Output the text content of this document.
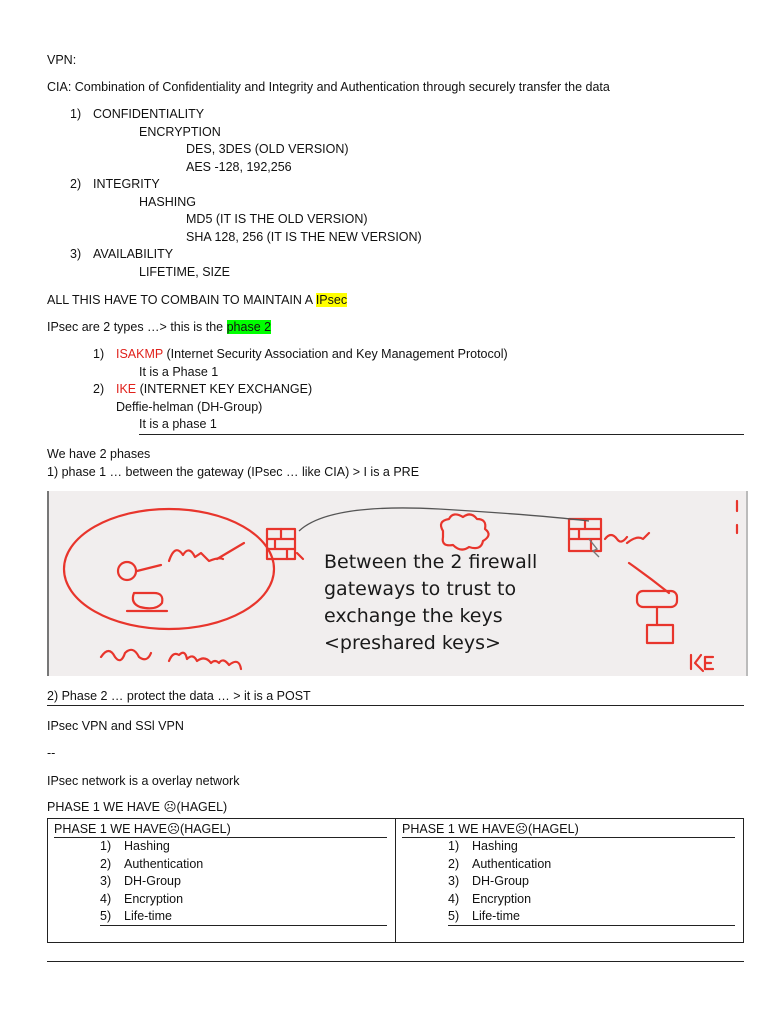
VPN:
CIA: Combination of Confidentiality and Integrity and Authentication through securely transfer the data
1) CONFIDENTIALITY
ENCRYPTION
DES, 3DES (OLD VERSION)
AES -128, 192,256
2) INTEGRITY
HASHING
MD5 (IT IS THE OLD VERSION)
SHA 128, 256 (IT IS THE NEW VERSION)
3) AVAILABILITY
LIFETIME, SIZE
ALL THIS HAVE TO COMBAIN TO MAINTAIN A IPsec
IPsec are 2 types …> this is the phase 2
1) ISAKMP (Internet Security Association and Key Management Protocol)
It is a Phase 1
2) IKE (INTERNET KEY EXCHANGE)
Deffie-helman (DH-Group)
It is a phase 1
We have 2 phases
1) phase 1 … between the gateway (IPsec … like CIA) > I is a PRE
Between the 2 firewall
gateways to trust to
exchange the keys
<preshared keys>
2) Phase 2 … protect the data … > it is a POST
IPsec VPN and SSl VPN
--
IPsec network is a overlay network
PHASE 1 WE HAVE ☹(HAGEL)
PHASE 1 WE HAVE☹(HAGEL)
1) Hashing
2) Authentication
3) DH-Group
4) Encryption
5) Life-time

PHASE 1 WE HAVE☹(HAGEL)
1) Hashing
2) Authentication
3) DH-Group
4) Encryption
5) Life-time
